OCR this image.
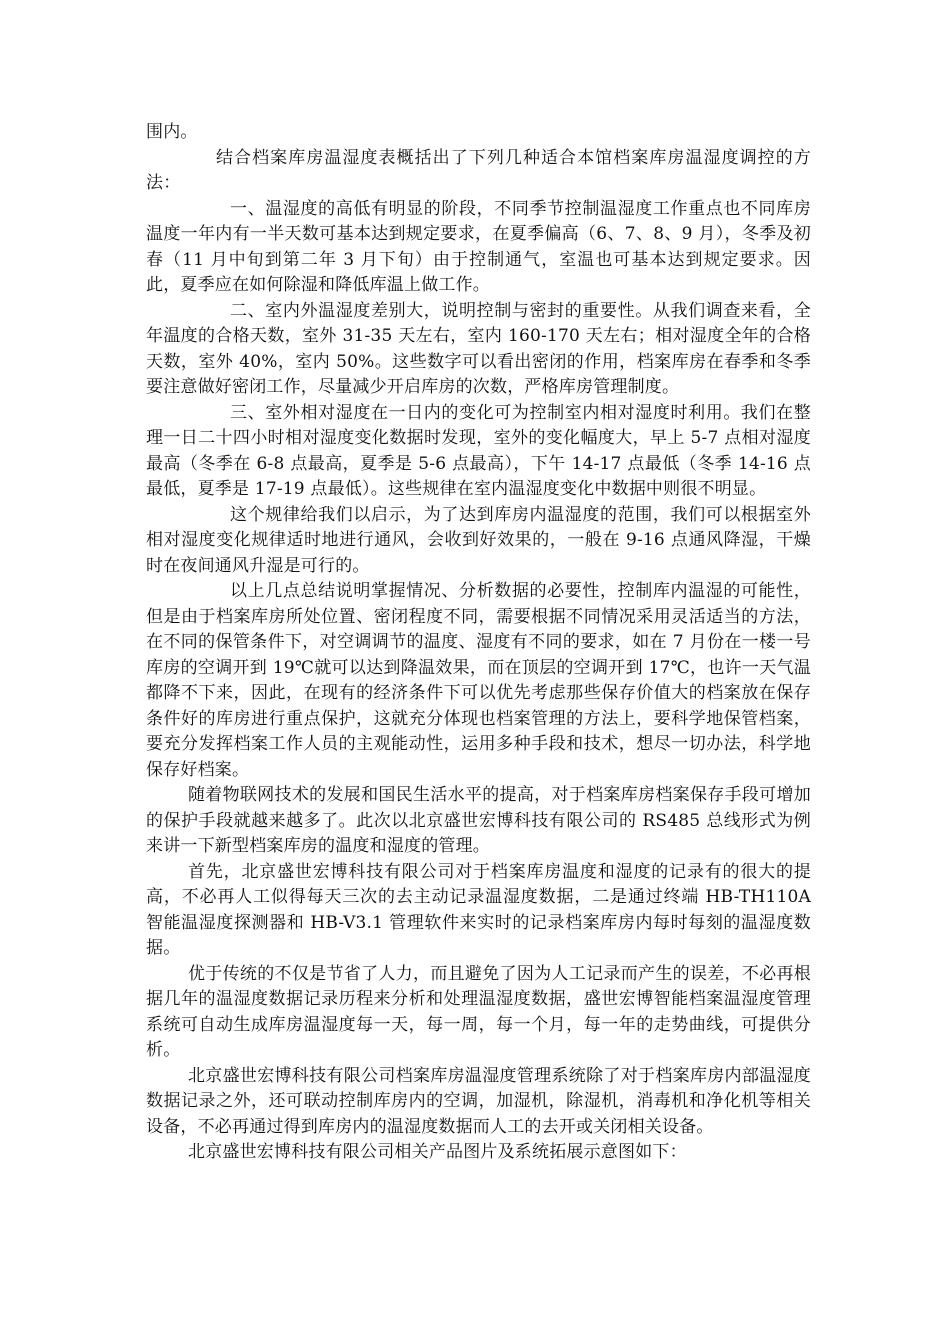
围内。

结合档案库房温湿度表概括出了下列几种适合本馆档案库房温湿度调控的方法：

一、温湿度的高低有明显的阶段，不同季节控制温湿度工作重点也不同库房温度一年内有一半天数可基本达到规定要求，在夏季偏高（6、7、8、9 月），冬季及初春（11 月中旬到第二年 3 月下旬）由于控制通气，室温也可基本达到规定要求。因此，夏季应在如何除湿和降低库温上做工作。

二、室内外温湿度差别大，说明控制与密封的重要性。从我们调查来看，全年温度的合格天数，室外 31-35 天左右，室内 160-170 天左右；相对湿度全年的合格天数，室外 40%，室内 50%。这些数字可以看出密闭的作用，档案库房在春季和冬季要注意做好密闭工作，尽量减少开启库房的次数，严格库房管理制度。

三、室外相对湿度在一日内的变化可为控制室内相对湿度时利用。我们在整理一日二十四小时相对湿度变化数据时发现，室外的变化幅度大，早上 5-7 点相对湿度最高（冬季在 6-8 点最高，夏季是 5-6 点最高），下午 14-17 点最低（冬季 14-16 点最低，夏季是 17-19 点最低）。这些规律在室内温湿度变化中数据中则很不明显。

这个规律给我们以启示，为了达到库房内温湿度的范围，我们可以根据室外相对湿度变化规律适时地进行通风，会收到好效果的，一般在 9-16 点通风降湿，干燥时在夜间通风升湿是可行的。

以上几点总结说明掌握情况、分析数据的必要性，控制库内温湿的可能性，但是由于档案库房所处位置、密闭程度不同，需要根据不同情况采用灵活适当的方法，在不同的保管条件下，对空调调节的温度、湿度有不同的要求，如在 7 月份在一楼一号库房的空调开到 19℃就可以达到降温效果，而在顶层的空调开到 17℃，也许一天气温都降不下来，因此，在现有的经济条件下可以优先考虑那些保存价值大的档案放在保存条件好的库房进行重点保护，这就充分体现也档案管理的方法上，要科学地保管档案，要充分发挥档案工作人员的主观能动性，运用多种手段和技术，想尽一切办法，科学地保存好档案。

随着物联网技术的发展和国民生活水平的提高，对于档案库房档案保存手段可增加的保护手段就越来越多了。此次以北京盛世宏博科技有限公司的 RS485 总线形式为例来讲一下新型档案库房的温度和湿度的管理。

首先，北京盛世宏博科技有限公司对于档案库房温度和湿度的记录有的很大的提高，不必再人工似得每天三次的去主动记录温湿度数据，二是通过终端 HB-TH110A 智能温湿度探测器和 HB-V3.1 管理软件来实时的记录档案库房内每时每刻的温湿度数据。

优于传统的不仅是节省了人力，而且避免了因为人工记录而产生的误差，不必再根据几年的温湿度数据记录历程来分析和处理温湿度数据，盛世宏博智能档案温湿度管理系统可自动生成库房温湿度每一天，每一周，每一个月，每一年的走势曲线，可提供分析。

北京盛世宏博科技有限公司档案库房温湿度管理系统除了对于档案库房内部温湿度数据记录之外，还可联动控制库房内的空调，加湿机，除湿机，消毒机和净化机等相关设备，不必再通过得到库房内的温湿度数据而人工的去开或关闭相关设备。

北京盛世宏博科技有限公司相关产品图片及系统拓展示意图如下：
